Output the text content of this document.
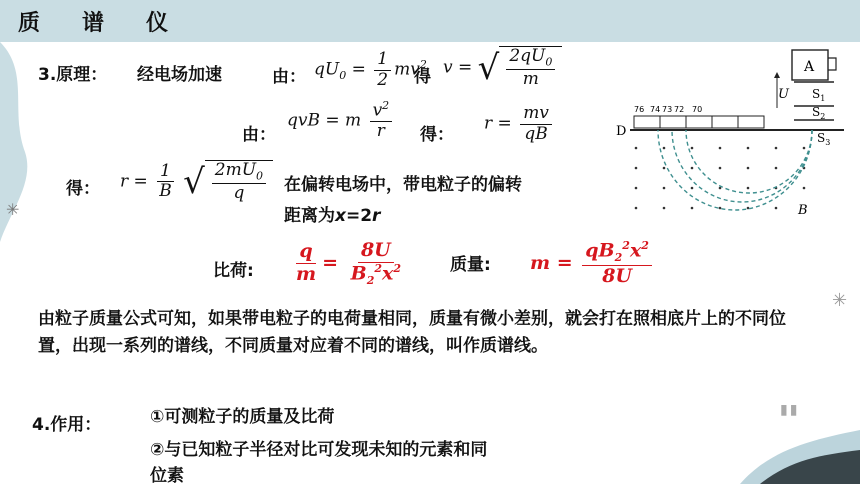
质 谱 仪
✳
✳
▮▮
3.原理： 经电场加速	由： $qU_0 = \frac{1}{2} mv^2$
得 v = √ $\frac{2qU_0}{m}$
由：
qvB = m $\frac{v^2}{r}$ 得：
$r = \frac{mv}{qB}$
得： $r = \frac{1}{B}$
√ $\frac{2mU_0}{q}$ 在偏转电场中，带电粒子的偏转
距离为x=2r
比荷: $\frac{q}{m} = \frac{8U}{B_2^2x^2}$	质量: $m = \frac{qB_2^2x^2}{8U}$
由粒子质量公式可知，如果带电粒子的电荷量相同，质量有微小差别，就会打在照相底片上的不同位置，出现一系列的谱线，不同质量对应着不同的谱线，叫作质谱线。
4.作用：	①可测粒子的质量及比荷
②与已知粒子半径对比可发现未知的元素和同
位素
A
$S_1$
$S_2$
$S_3$
U
D
76 74 73 72 70
B
